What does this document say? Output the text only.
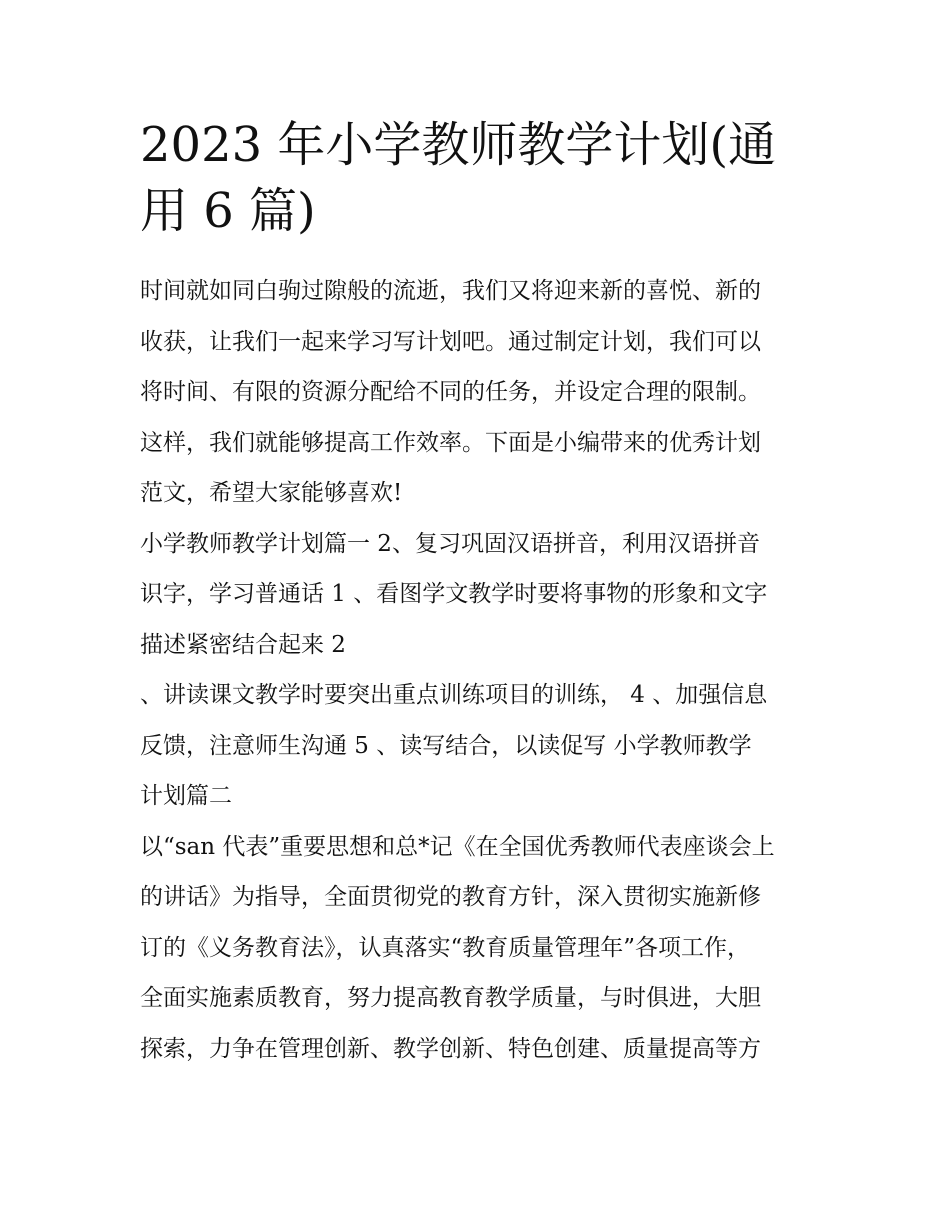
2023 年小学教师教学计划(通
用 6 篇)
时间就如同白驹过隙般的流逝，我们又将迎来新的喜悦、新的
收获，让我们一起来学习写计划吧。通过制定计划，我们可以
将时间、有限的资源分配给不同的任务，并设定合理的限制。
这样，我们就能够提高工作效率。下面是小编带来的优秀计划
范文，希望大家能够喜欢!
小学教师教学计划篇一 2、复习巩固汉语拼音，利用汉语拼音
识字，学习普通话 1 、看图学文教学时要将事物的形象和文字
描述紧密结合起来 2
、讲读课文教学时要突出重点训练项目的训练， 4 、加强信息
反馈，注意师生沟通 5 、读写结合，以读促写 小学教师教学
计划篇二
以“san 代表”重要思想和总*记《在全国优秀教师代表座谈会上
的讲话》为指导，全面贯彻党的教育方针，深入贯彻实施新修
订的《义务教育法》，认真落实“教育质量管理年”各项工作，
全面实施素质教育，努力提高教育教学质量，与时俱进，大胆
探索，力争在管理创新、教学创新、特色创建、质量提高等方
